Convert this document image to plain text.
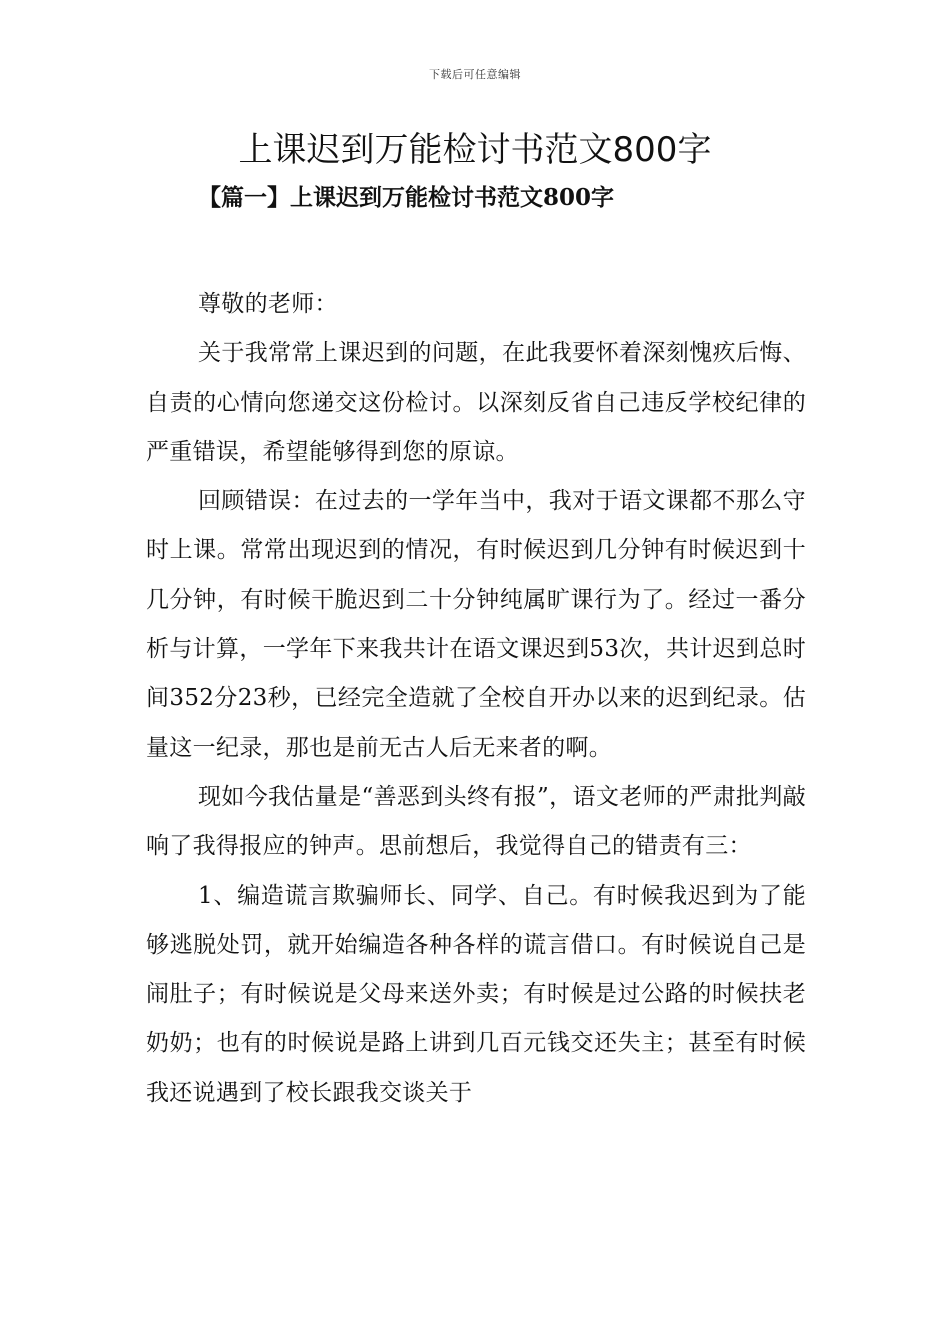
下载后可任意编辑
上课迟到万能检讨书范文800字
【篇一】上课迟到万能检讨书范文800字

尊敬的老师：

关于我常常上课迟到的问题，在此我要怀着深刻愧疚后悔、自责的心情向您递交这份检讨。以深刻反省自己违反学校纪律的严重错误，希望能够得到您的原谅。

回顾错误：在过去的一学年当中，我对于语文课都不那么守时上课。常常出现迟到的情况，有时候迟到几分钟有时候迟到十几分钟，有时候干脆迟到二十分钟纯属旷课行为了。经过一番分析与计算，一学年下来我共计在语文课迟到53次，共计迟到总时间352分23秒，已经完全造就了全校自开办以来的迟到纪录。估量这一纪录，那也是前无古人后无来者的啊。

现如今我估量是“善恶到头终有报”，语文老师的严肃批判敲响了我得报应的钟声。思前想后，我觉得自己的错责有三：

1、编造谎言欺骗师长、同学、自己。有时候我迟到为了能够逃脱处罚，就开始编造各种各样的谎言借口。有时候说自己是闹肚子；有时候说是父母来送外卖；有时候是过公路的时候扶老奶奶；也有的时候说是路上讲到几百元钱交还失主；甚至有时候我还说遇到了校长跟我交谈关于
